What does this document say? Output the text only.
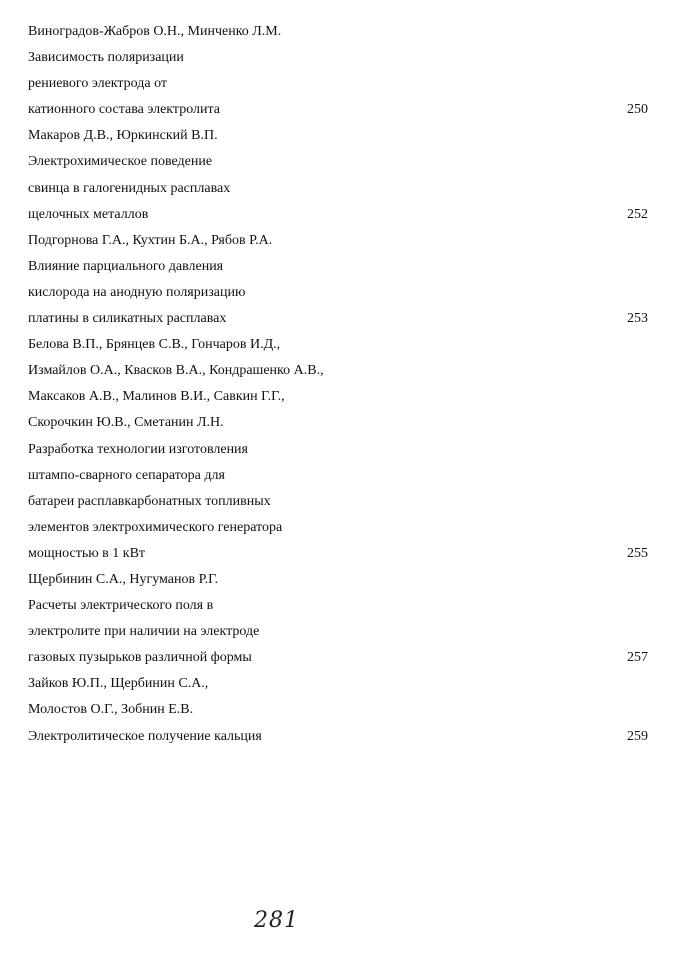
Виноградов-Жабров О.Н., Минченко Л.М.
Зависимость поляризации
рениевого электрода от
катионного состава электролита	250
Макаров Д.В., Юркинский В.П.
Электрохимическое поведение
свинца в галогенидных расплавах
щелочных металлов	252
Подгорнова Г.А., Кухтин Б.А., Рябов Р.А.
Влияние парциального давления
кислорода на анодную поляризацию
платины в силикатных расплавах	253
Белова В.П., Брянцев С.В., Гончаров И.Д.,
Измайлов О.А., Квасков В.А., Кондрашенко А.В.,
Максаков А.В., Малинов В.И., Савкин Г.Г.,
Скорочкин Ю.В., Сметанин Л.Н.
Разработка технологии изготовления
штампо-сварного сепаратора для
батареи расплавкарбонатных топливных
элементов электрохимического генератора
мощностью в 1 кВт	255
Щербинин С.А., Нугуманов Р.Г.
Расчеты электрического поля в
электролите при наличии на электроде
газовых пузырьков различной формы	257
Зайков Ю.П., Щербинин С.А.,
Молостов О.Г., Зобнин Е.В.
Электролитическое получение кальция	259
281
